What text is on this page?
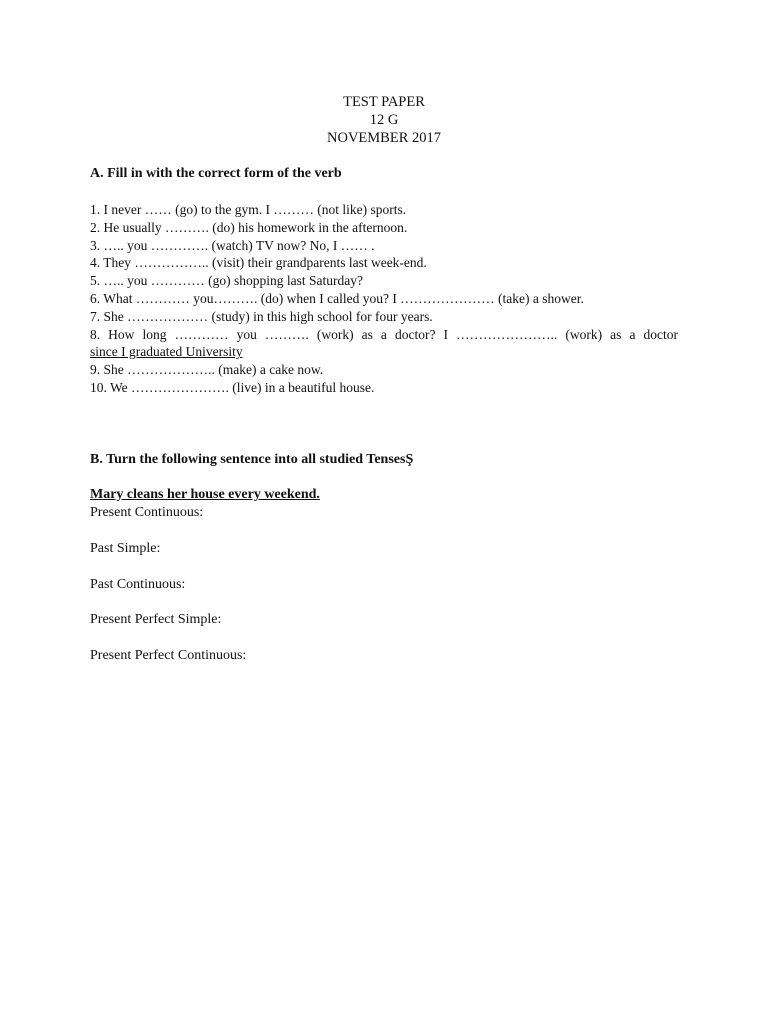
TEST PAPER
12 G
NOVEMBER 2017
A. Fill in with the correct form of the verb
1. I never …… (go) to the gym. I ……… (not like) sports.
2. He usually ………. (do) his homework in the afternoon.
3. ….. you …………. (watch) TV now? No, I …… .
4. They …………….. (visit) their grandparents last week-end.
5. ….. you ………… (go) shopping last Saturday?
6. What ………… you………. (do) when I called you? I ………………… (take) a shower.
7. She ……………… (study) in this high school for four years.
8. How long ………… you ………. (work) as a doctor? I ………………….. (work) as a doctor
since I graduated University
9. She ……………….. (make) a cake now.
10. We …………………. (live) in a beautiful house.
B. Turn the following sentence into all studied TensesŞ
Mary cleans her house every weekend.
Present Continuous:
Past Simple:
Past Continuous:
Present Perfect Simple:
Present Perfect Continuous:
